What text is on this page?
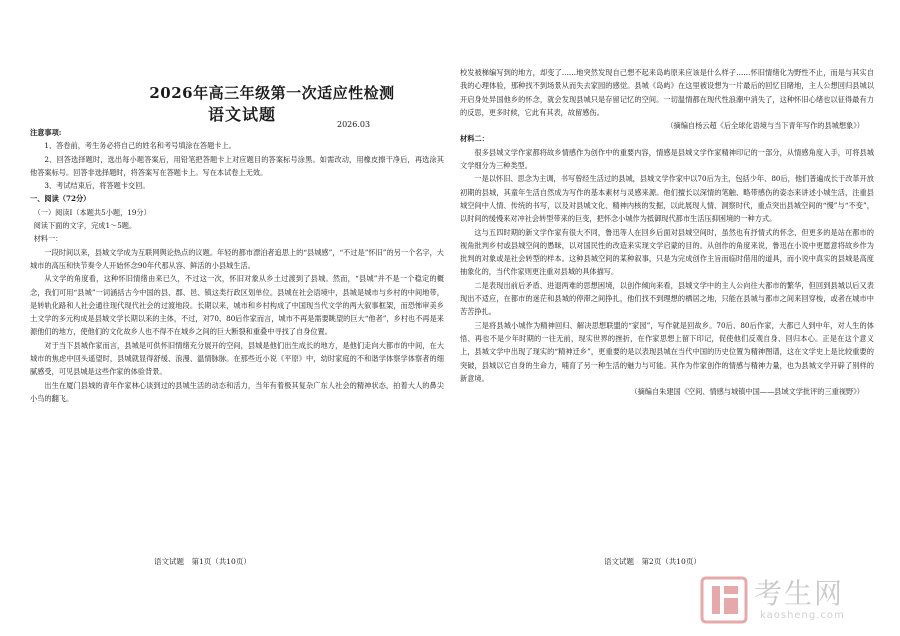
2026年高三年级第一次适应性检测
语文试题
2026.03

注意事项:

1、答卷前，考生务必将自己的姓名和考号填涂在答题卡上。

2、回答选择题时，选出每小题答案后，用铅笔把答题卡上对应题目的答案标号涂黑。如需改动，用橡皮擦干净后，再选涂其他答案标号。回答非选择题时，将答案写在答题卡上。写在本试卷上无效。

3、考试结束后，将答题卡交回。

一、阅读（72分）

（一）阅读I（本题共5小题，19分）

阅读下面的文字，完成1～5题。

材料一：

一段时间以来，县城文学成为互联网舆论热点的议题。年轻的都市漂泊者追思上的“县城感”，“不过是”怀旧”的另一个名字，大城市的高压和快节奏令人开始怀念90年代那从容、鲜活的小县城生活。

从文学的角度看，这种怀旧情绪由来已久，不过这一次，怀旧对象从乡土过渡到了县城。然而，“县城”并不是一个稳定的概念，我们可用“县城”一词涵括古今中国的县、郡、邑、镇这类行政区划单位。县城在社会语境中，县城是城市与乡村的中间地带，是转轨化路和人社会通往现代现代社会的过渡地段。长期以来，城市和乡村构成了中国现当代文学的两大叙事框架，而恐怖审美乡土文学的多元构成是县城文学长期以来的主体，不过，对70、80后作家而言，城市不再是需要眺望的巨大“他者”，乡村也不再是来源他们的地方，使他们的文化故乡人也不得不在城乡之间的巨大断裂和重叠中寻找了自身位置。

对于当下县城作家而言，县城是可供怀旧情绪充分展开的空间，县城是他们出生成长的地方，是他们走向大都市的中间，在大城市的焦虑中回头遥望时，县城就显得舒缓、浪漫、温情脉脉。在那些近小说《平原》中，幼时家庭的不和谐学体察学体察者的细腻感受，可见县城是这些作家的体验背景。

出生在厦门县城的青年作家林心谈到过的县城生活的动态和活力，当年有着极其复杂广东人社会的精神状态，拍着大人的鼻尖小鸟的翻飞。

语文试题　第1页（共10页）

校发被梯编写到的地方，却变了……地突然发现自己想不起来岛屿原来应该是什么样子……怀旧情绪化为野性不止，而是与其实自我的心理体验，那种找不到场景从而失去家园的感觉。县城《岛屿》在这里被设想为一片最后的回忆目睹地，主人公想回归县城以开启身处异国他乡的怀念，就会发现县城只是存留记忆的空间。一切温情都在现代性浪潮中消失了，这种怀旧心绪也以征得最有力的反思，更多时候，它此有其表，故留感伤。

（摘编自杨云超《后全球化语境与当下青年写作的县城想象》）

材料二：

很多县城文学作家都将故乡情感作为创作中的重要内容，情感是县城文学作家精神印记的一部分，从情感角度入手，可将县城文学细分为三种类型。

一是以怀旧、思念为主调，书写曾经生活过的县城，县城文学作家中以70后为主，包括少年、80后，他们普遍成长于改革开放初期的县城，其童年生活自然成为写作的基本素材与灵感来源。他们擅长以深情的笔触、略带感伤的姿态来讲述小城生活，注重县城空间中人情、传统的书写，以及对县城文化、精神内核的发掘，以此展现人情、洞察时代，重点突出县城空间的“慢”与“不变”，以时间的缓慢来对冲社会转型带来的巨变，把怀念小城作为抵御现代都市生活压抑困境的一种方式。

这与五四时期的新文学作家有很大不同，鲁迅等人在回乡后面对县城空间时，虽然也有抒情式的怀念，但更多的是站在都市的视角批判乡村或县城空间的愚昧，以对国民性的改造来实现文学启蒙的目的。从创作的角度来说，鲁迅在小说中更愿意将故乡作为批判的对象或是社会转型的样本。这种县城空间的某种叙事，只是为完成创作主旨而临时借用的道具，而小说中真实的县城是高度抽象化的，当代作家则更注重对县城的具体描写。

二是表现出前后矛盾、进退两难的思想困境，以创作倾向来看，县城文学中的主人公向往大都市的繁华，但回到县城以后又表现出不适应，在都市的迷茫和县城的停滞之间挣扎，他们找不到理想的栖居之地，只能在县城与都市之间来回穿梭，或者在城市中苦苦挣扎。

三是将县城小城作为精神回归、解决思想联盟的“家园”，写作就是回故乡。70后、80后作家，大都已人到中年，对人生的体悟、再也不是少年时期的一往无前，现实世界的挫折，在作家思想上留下印记，促使他们反观自身、回归本心。正是在这个意义上，县城文学中出现了现实的“精神迁乡”，更重要的是以表现县城在当代中国的历史位置为精神图谱，这在文学史上是比较重要的突破，县城以它自身的生命力，哺育了另一种生活的魅力与可能。其作为作家创作的情感与精神力量，也为县城文学开辟了别样的新意境。

（摘编自朱建国《空间、情感与城镇中国——县域文学批评的三重视野》）

语文试题　第2页（共10页）
考生网
kaosheng.com
